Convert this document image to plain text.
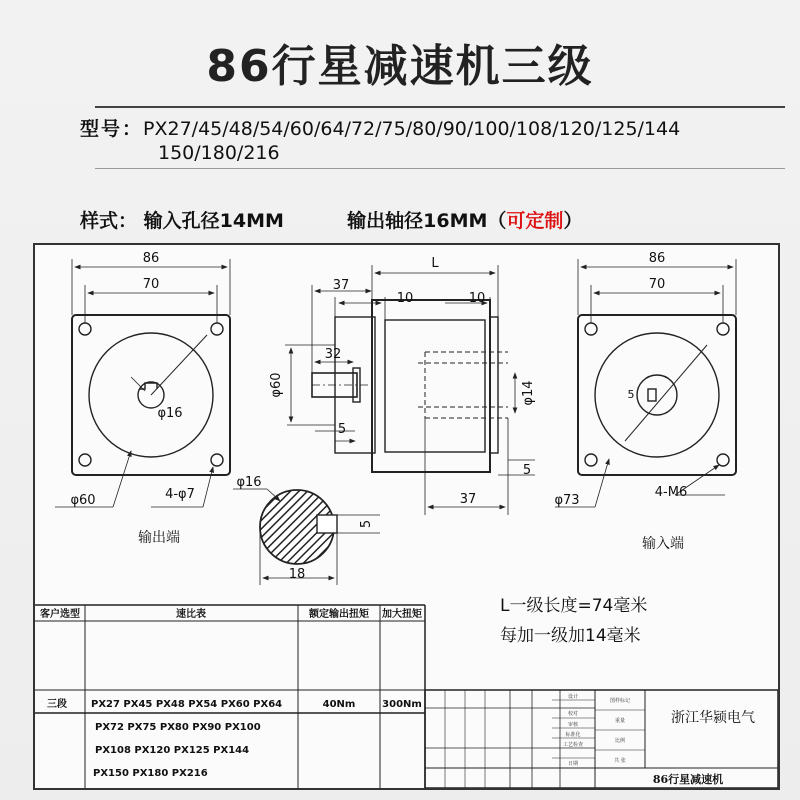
86行星减速机三级
型号：PX27/45/48/54/60/64/72/75/80/90/100/108/120/125/144
150/180/216
样式： 输入孔径14MM	输出轴径16MM（可定制）
86
70
φ16
φ60	4-φ7
输出端
L
37
10	10
32
φ60
5
φ14
5
37
φ16
5
18
86
70
5
φ73
4-M6
输入端
L一级长度=74毫米
每加一级加14毫米
客户选型	速比表	额定输出扭矩 加大扭矩
三段 PX27 PX45 PX48 PX54 PX60 PX64
PX72 PX75 PX80 PX90 PX100
PX108 PX120 PX125 PX144
PX150 PX180 PX216
40Nm	300Nm
设计
校对
审核
标准化
工艺检查
日期
图样标记
重量
比例
共 张
浙江华颍电气
86行星减速机
